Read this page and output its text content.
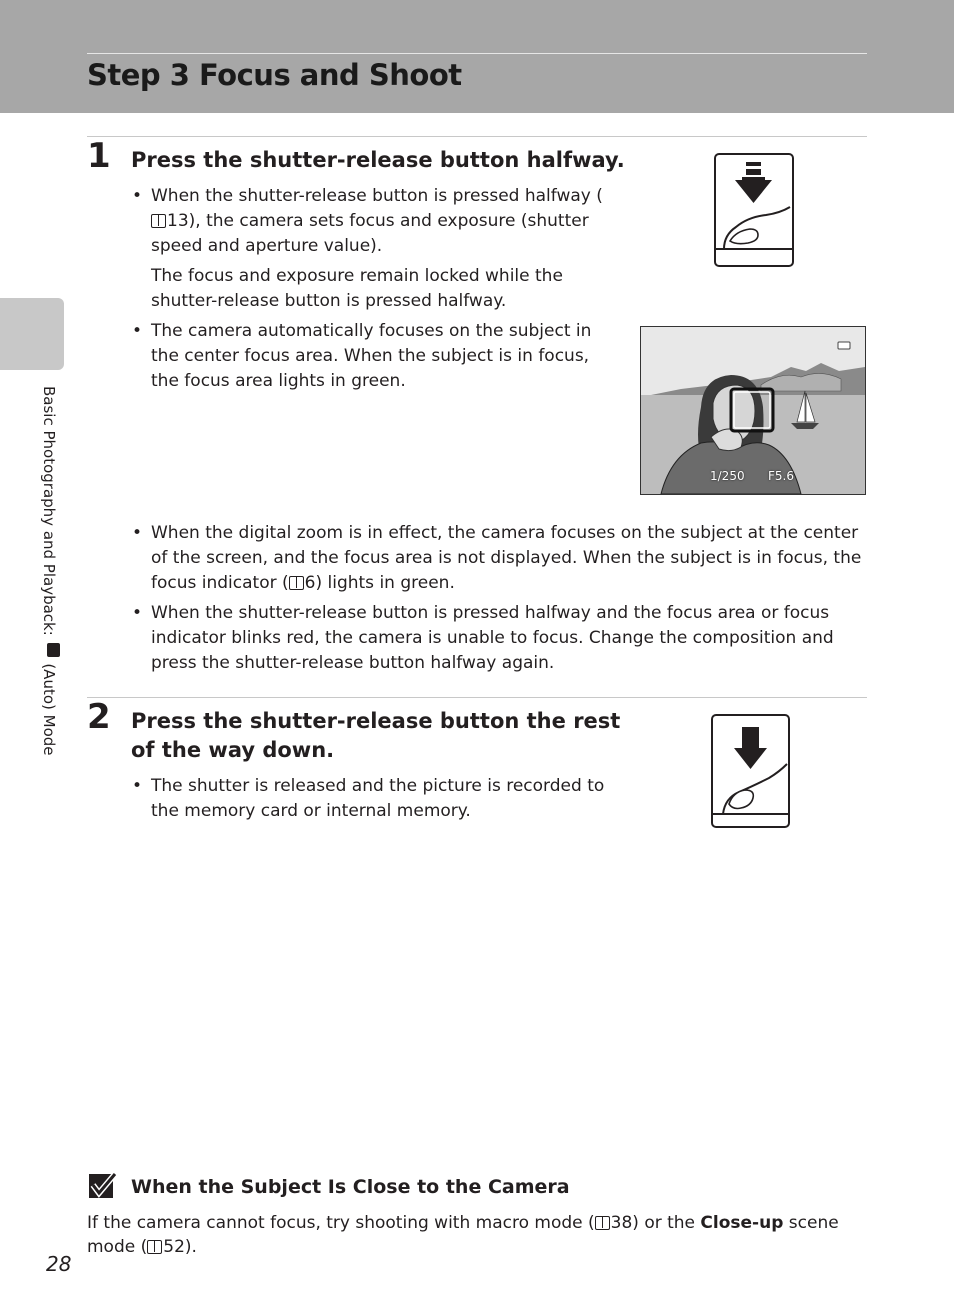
Step 3 Focus and Shoot
Basic Photography and Playback:  (Auto) Mode
1 Press the shutter-release button halfway.
• When the shutter-release button is pressed halfway (13), the camera sets focus and exposure (shutter speed and aperture value).
The focus and exposure remain locked while the shutter-release button is pressed halfway.
• The camera automatically focuses on the subject in the center focus area. When the subject is in focus, the focus area lights in green.
1/250 F5.6
• When the digital zoom is in effect, the camera focuses on the subject at the center of the screen, and the focus area is not displayed. When the subject is in focus, the focus indicator ( 6) lights in green.
• When the shutter-release button is pressed halfway and the focus area or focus indicator blinks red, the camera is unable to focus. Change the composition and press the shutter-release button halfway again.
2 Press the shutter-release button the rest of the way down.
• The shutter is released and the picture is recorded to the memory card or internal memory.
When the Subject Is Close to the Camera
If the camera cannot focus, try shooting with macro mode ( 38) or the Close-up scene mode ( 52).
28
